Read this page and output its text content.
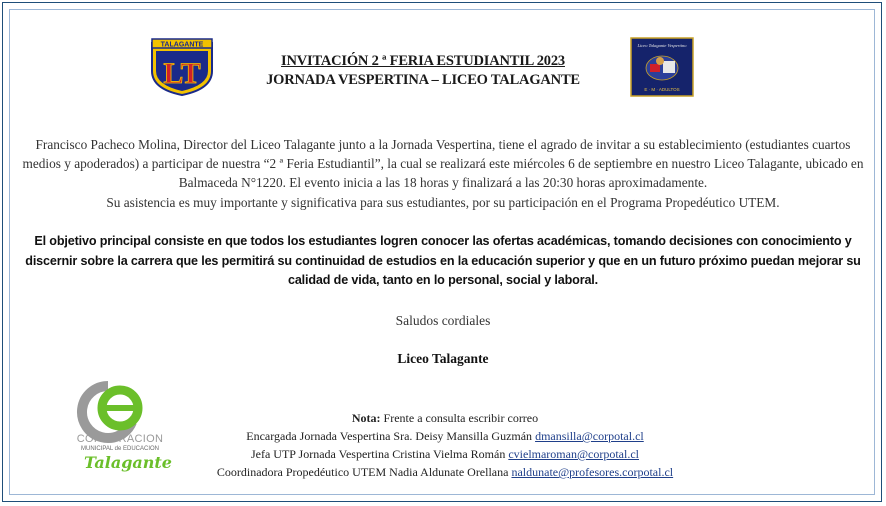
TALAGANTE
LT	INVITACIÓN 2 ª FERIA ESTUDIANTIL 2023
JORNADA VESPERTINA – LICEO TALAGANTE
Liceo Talagante Vespertino
E · M · ADULTOS
Francisco Pacheco Molina, Director del Liceo Talagante junto a la Jornada Vespertina, tiene el agrado de invitar a su establecimiento (estudiantes cuartos medios y apoderados) a participar de nuestra “2 ª Feria Estudiantil”, la cual se realizará este miércoles 6 de septiembre en nuestro Liceo Talagante, ubicado en Balmaceda N°1220. El evento inicia a las 18 horas y finalizará a las 20:30 horas aproximadamente.
Su asistencia es muy importante y significativa para sus estudiantes, por su participación en el Programa Propedéutico UTEM.
El objetivo principal consiste en que todos los estudiantes logren conocer las ofertas académicas, tomando decisiones con conocimiento y discernir sobre la carrera que les permitirá su continuidad de estudios en la educación superior y que en un futuro próximo puedan mejorar su calidad de vida, tanto en lo personal, social y laboral.
Saludos cordiales
Liceo Talagante
CORPORACION
MUNICIPAL de EDUCACION
Talagante
Nota: Frente a consulta escribir correo
Encargada Jornada Vespertina Sra. Deisy Mansilla Guzmán dmansilla@corpotal.cl
Jefa UTP Jornada Vespertina Cristina Vielma Román cvielmaroman@corpotal.cl
Coordinadora Propedéutico UTEM Nadia Aldunate Orellana naldunate@profesores.corpotal.cl
